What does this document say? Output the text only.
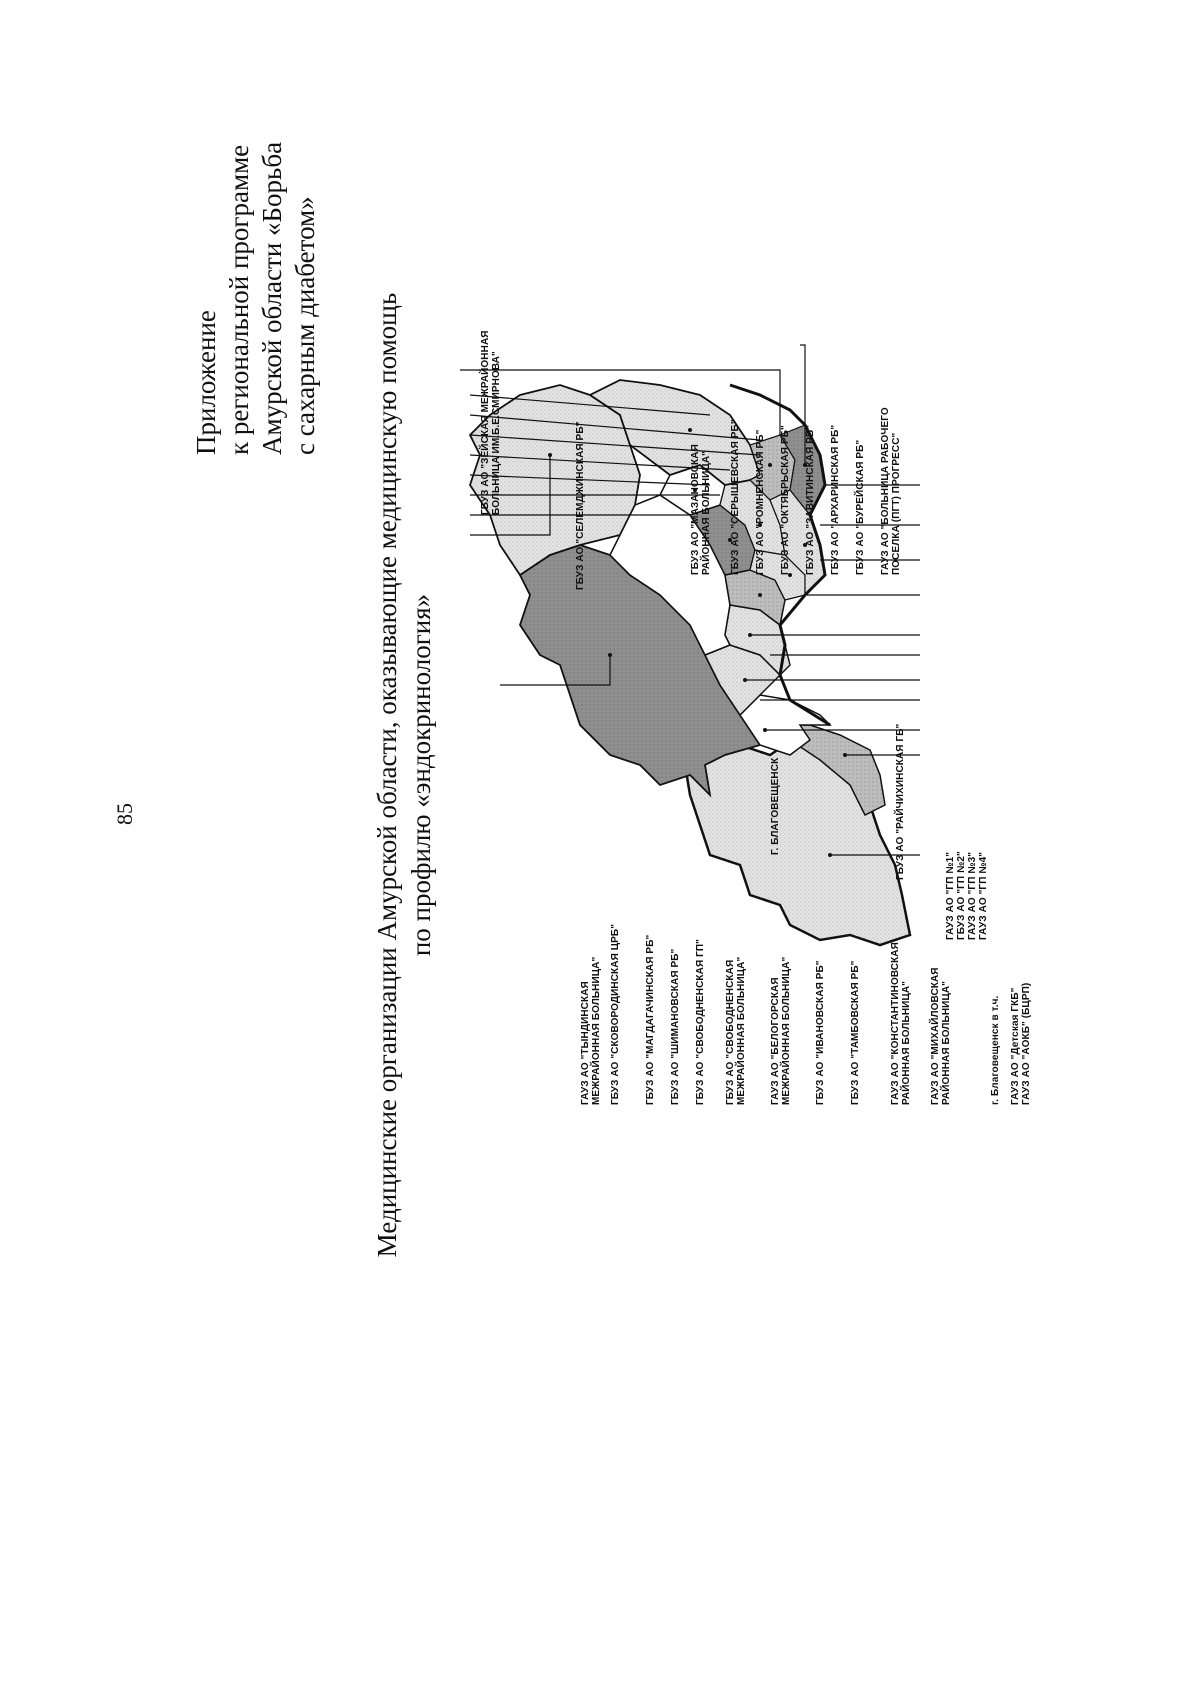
85
Приложение к региональной программе Амурской области «Борьба с сахарным диабетом» Медицинские организации Амурской области, оказывающие медицинскую помощь по профилю «эндокринология»
ГАУЗ АО "ТЫНДИНСКАЯ МЕЖРАЙОННАЯ БОЛЬНИЦА" ГБУЗ АО "СКОВОРОДИНСКАЯ ЦРБ" ГБУЗ АО "МАГДАГАЧИНСКАЯ РБ" ГБУЗ АО "ШИМАНОВСКАЯ РБ" ГБУЗ АО "СВОБОДНЕНСКАЯ ГП" ГБУЗ АО "СВОБОДНЕНСКАЯ МЕЖРАЙОННАЯ БОЛЬНИЦА" ГАУЗ АО "БЕЛОГОРСКАЯ МЕЖРАЙОННАЯ БОЛЬНИЦА" ГБУЗ АО "ИВАНОВСКАЯ РБ" ГБУЗ АО "ТАМБОВСКАЯ РБ"	ГАУЗ АО "КОНСТАНТИНОВСКАЯ РАЙОННАЯ БОЛЬНИЦА" ГАУЗ АО "МИХАЙЛОВСКАЯ РАЙОННАЯ БОЛЬНИЦА"	г. Благовещенск в т.ч. ГАУЗ АО "Детская ГКБ" ГАУЗ АО "АОКБ" (БЦРП)
ГБУЗ АО "ЗЕЙСКАЯ МЕЖРАЙОННАЯ БОЛЬНИЦА ИМ.Б.Е.СМИРНОВА"	ГБУЗ АО "СЕЛЕМДЖИНСКАЯ РБ"	ГБУЗ АО "МАЗАНОВСКАЯ РАЙОННАЯ БОЛЬНИЦА" ГБУЗ АО "СЕРЫШЕВСКАЯ РБ" ГБУЗ АО "РОМНЕНСКАЯ РБ" ГБУЗ АО "ОКТЯБРЬСКАЯ РБ" ГБУЗ АО "ЗАВИТИНСКАЯ РБ" ГБУЗ АО "АРХАРИНСКАЯ РБ" ГБУЗ АО "БУРЕЙСКАЯ РБ" ГАУЗ АО "БОЛЬНИЦА РАБОЧЕГО ПОСЕЛКА (ПГТ) ПРОГРЕСС"
Г. БЛАГОВЕЩЕНСК	ГБУЗ АО "РАЙЧИХИНСКАЯ ГБ"
ГАУЗ АО "ГП №1" ГБУЗ АО "ГП №2" ГАУЗ АО "ГП №3" ГАУЗ АО "ГП №4"
